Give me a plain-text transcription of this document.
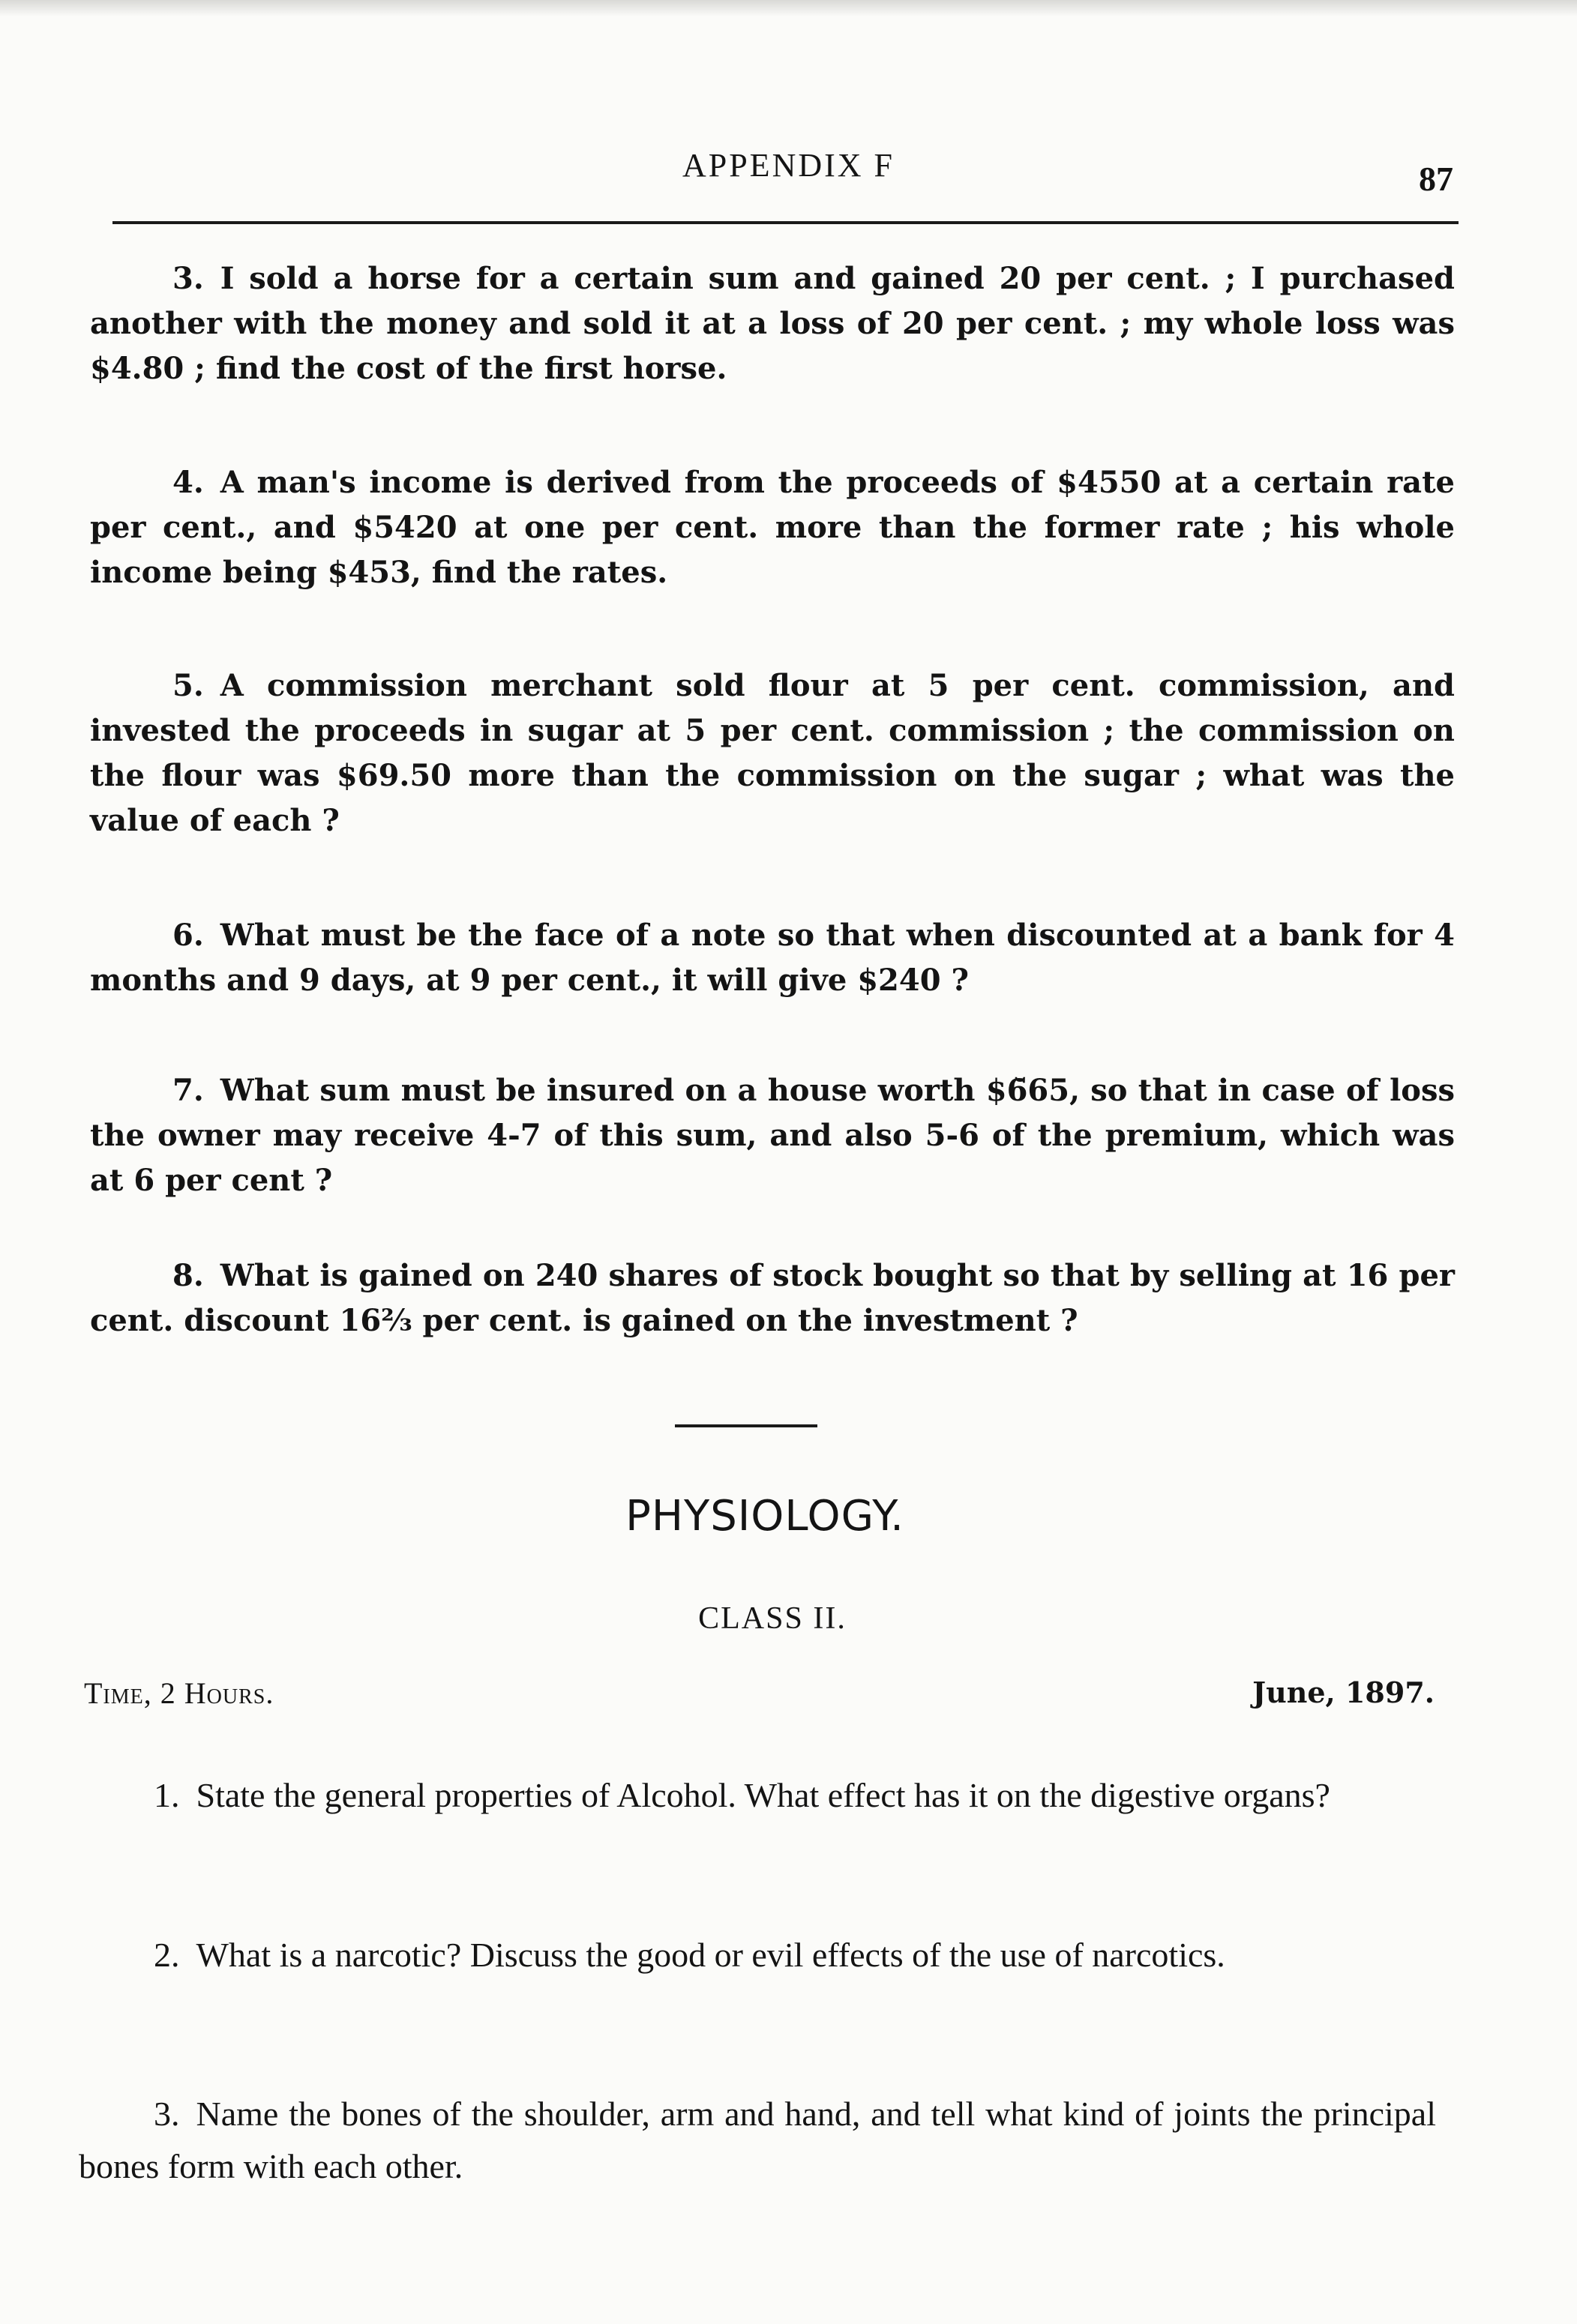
APPENDIX F	87

3. I sold a horse for a certain sum and gained 20 per cent. ; I purchased another with the money and sold it at a loss of 20 per cent. ; my whole loss was $4.80 ; find the cost of the first horse.

4. A man's income is derived from the proceeds of $4550 at a certain rate per cent., and $5420 at one per cent. more than the former rate ; his whole income being $453, find the rates.

5. A commission merchant sold flour at 5 per cent. commission, and invested the proceeds in sugar at 5 per cent. commission ; the commission on the flour was $69.50 more than the commission on the sugar ; what was the value of each ?

6. What must be the face of a note so that when discounted at a bank for 4 months and 9 days, at 9 per cent., it will give $240 ?

7. What sum must be insured on a house worth $6̆65, so that in case of loss the owner may receive 4-7 of this sum, and also 5-6 of the premium, which was at 6 per cent ?

8. What is gained on 240 shares of stock bought so that by selling at 16 per cent. discount 16⅔ per cent. is gained on the investment ?

PHYSIOLOGY.
CLASS II.
Time, 2 Hours.	June, 1897.

1. State the general properties of Alcohol. What effect has it on the digestive organs?

2. What is a narcotic? Discuss the good or evil effects of the use of narcotics.

3. Name the bones of the shoulder, arm and hand, and tell what kind of joints the principal bones form with each other.
